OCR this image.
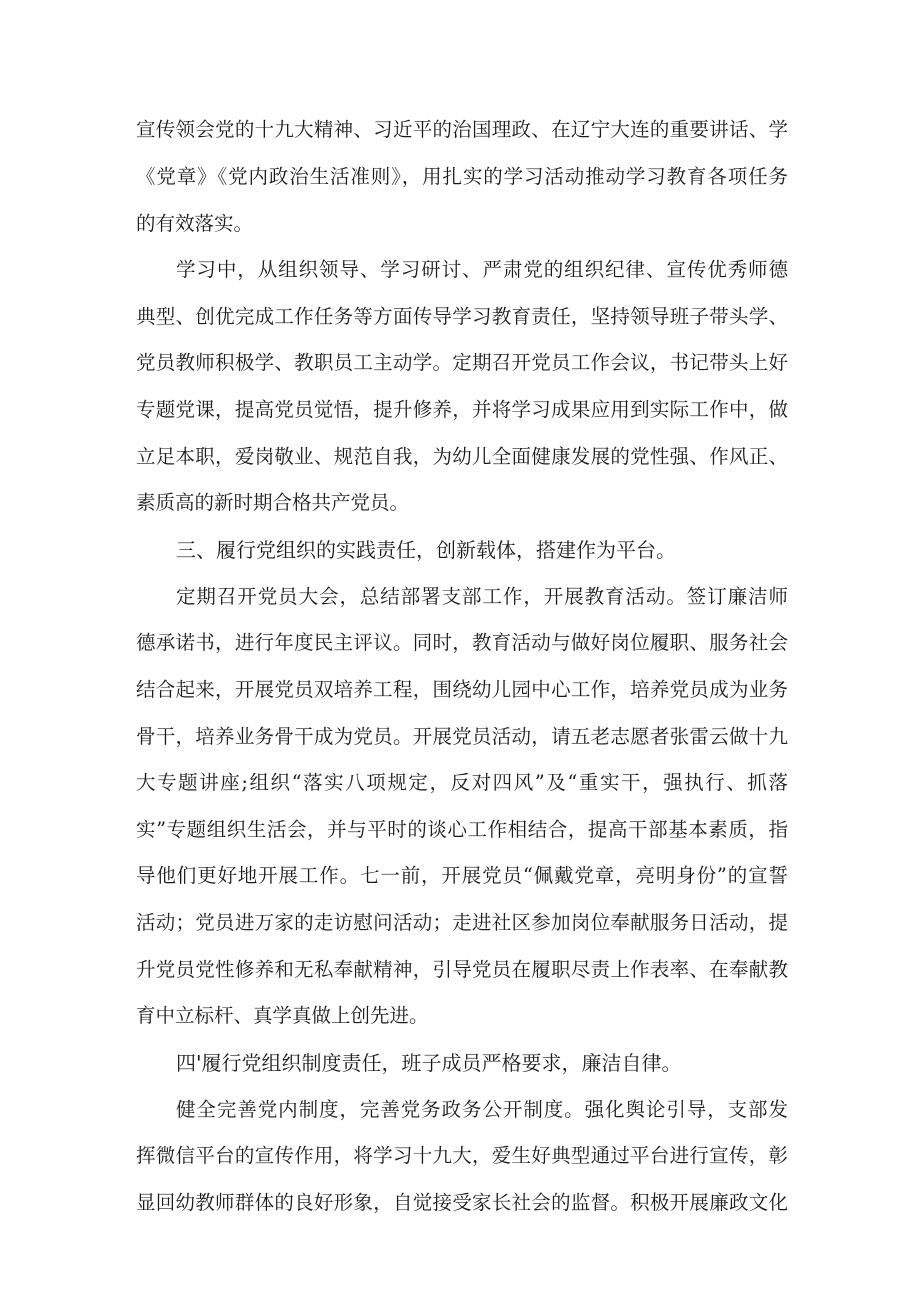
宣传领会党的十九大精神、习近平的治国理政、在辽宁大连的重要讲话、学
《党章》《党内政治生活准则》，用扎实的学习活动推动学习教育各项任务
的有效落实。
学习中，从组织领导、学习研讨、严肃党的组织纪律、宣传优秀师德
典型、创优完成工作任务等方面传导学习教育责任，坚持领导班子带头学、
党员教师积极学、教职员工主动学。定期召开党员工作会议，书记带头上好
专题党课，提高党员觉悟，提升修养，并将学习成果应用到实际工作中，做
立足本职，爱岗敬业、规范自我，为幼儿全面健康发展的党性强、作风正、
素质高的新时期合格共产党员。
三、履行党组织的实践责任，创新载体，搭建作为平台。
定期召开党员大会，总结部署支部工作，开展教育活动。签订廉洁师
德承诺书，进行年度民主评议。同时，教育活动与做好岗位履职、服务社会
结合起来，开展党员双培养工程，围绕幼儿园中心工作，培养党员成为业务
骨干，培养业务骨干成为党员。开展党员活动，请五老志愿者张雷云做十九
大专题讲座;组织“落实八项规定，反对四风”及“重实干，强执行、抓落
实”专题组织生活会，并与平时的谈心工作相结合，提高干部基本素质，指
导他们更好地开展工作。七一前，开展党员“佩戴党章，亮明身份”的宣誓
活动；党员进万家的走访慰问活动；走进社区参加岗位奉献服务日活动，提
升党员党性修养和无私奉献精神，引导党员在履职尽责上作表率、在奉献教
育中立标杆、真学真做上创先进。
四'履行党组织制度责任，班子成员严格要求，廉洁自律。
健全完善党内制度，完善党务政务公开制度。强化舆论引导，支部发
挥微信平台的宣传作用，将学习十九大，爱生好典型通过平台进行宣传，彰
显回幼教师群体的良好形象，自觉接受家长社会的监督。积极开展廉政文化
